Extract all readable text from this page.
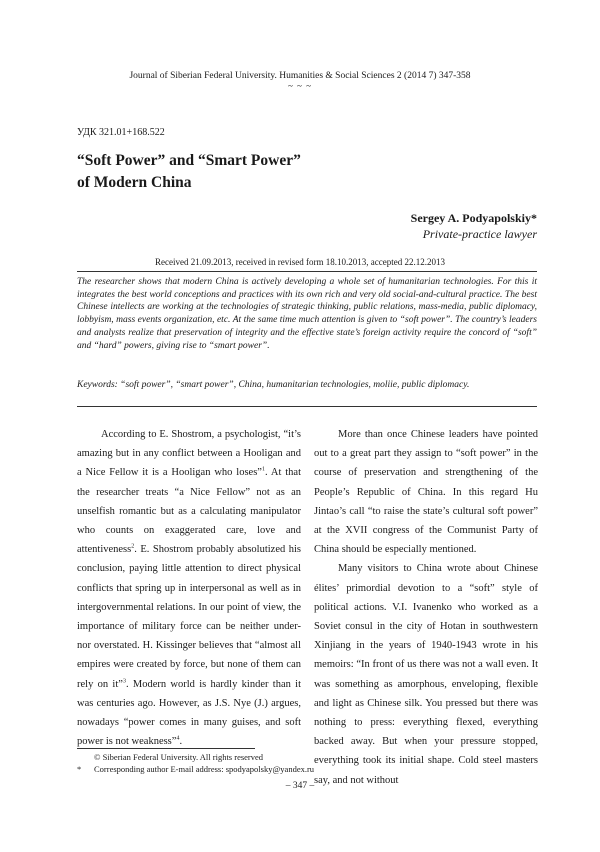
Journal of Siberian Federal University. Humanities & Social Sciences 2 (2014 7) 347-358
~ ~ ~
УДК 321.01+168.522
“Soft Power” and “Smart Power”
of Modern China
Sergey A. Podyapolskiy*
Private-practice lawyer
Received 21.09.2013, received in revised form 18.10.2013, accepted 22.12.2013
The researcher shows that modern China is actively developing a whole set of humanitarian technologies. For this it integrates the best world conceptions and practices with its own rich and very old social-and-cultural practice. The best Chinese intellects are working at the technologies of strategic thinking, public relations, mass-media, public diplomacy, lobbyism, mass events organization, etc. At the same time much attention is given to “soft power”. The country’s leaders and analysts realize that preservation of integrity and the effective state’s foreign activity require the concord of “soft” and “hard” powers, giving rise to “smart power”.
Keywords: “soft power”, “smart power”, China, humanitarian technologies, moliie, public diplomacy.

According to E. Shostrom, a psychologist, “it’s amazing but in any conflict between a Hooligan and a Nice Fellow it is a Hooligan who loses”$^1$. At that the researcher treats “a Nice Fellow” not as an unselfish romantic but as a calculating manipulator who counts on exaggerated care, love and attentiveness$^2$. E. Shostrom probably absolutized his conclusion, paying little attention to direct physical conflicts that spring up in interpersonal as well as in intergovernmental relations. In our point of view, the importance of military force can be neither under- nor overstated. H. Kissinger believes that “almost all empires were created by force, but none of them can rely on it”$^3$. Modern world is hardly kinder than it was centuries ago. However, as J.S. Nye (J.) argues, nowadays “power comes in many guises, and soft power is not weakness”$^4$.

More than once Chinese leaders have pointed out to a great part they assign to “soft power” in the course of preservation and strengthening of the People’s Republic of China. In this regard Hu Jintao’s call “to raise the state’s cultural soft power” at the XVII congress of the Communist Party of China should be especially mentioned.

Many visitors to China wrote about Chinese élites’ primordial devotion to a “soft” style of political actions. V.I. Ivanenko who worked as a Soviet consul in the city of Hotan in southwestern Xinjiang in the years of 1940-1943 wrote in his memoirs: “In front of us there was not a wall even. It was something as amorphous, enveloping, flexible and light as Chinese silk. You pressed but there was nothing to press: everything flexed, everything backed away. But when your pressure stopped, everything took its initial shape. Cold steel masters say, and not without

© Siberian Federal University. All rights reserved
* Corresponding author E-mail address: spodyapolsky@yandex.ru
– 347 –
